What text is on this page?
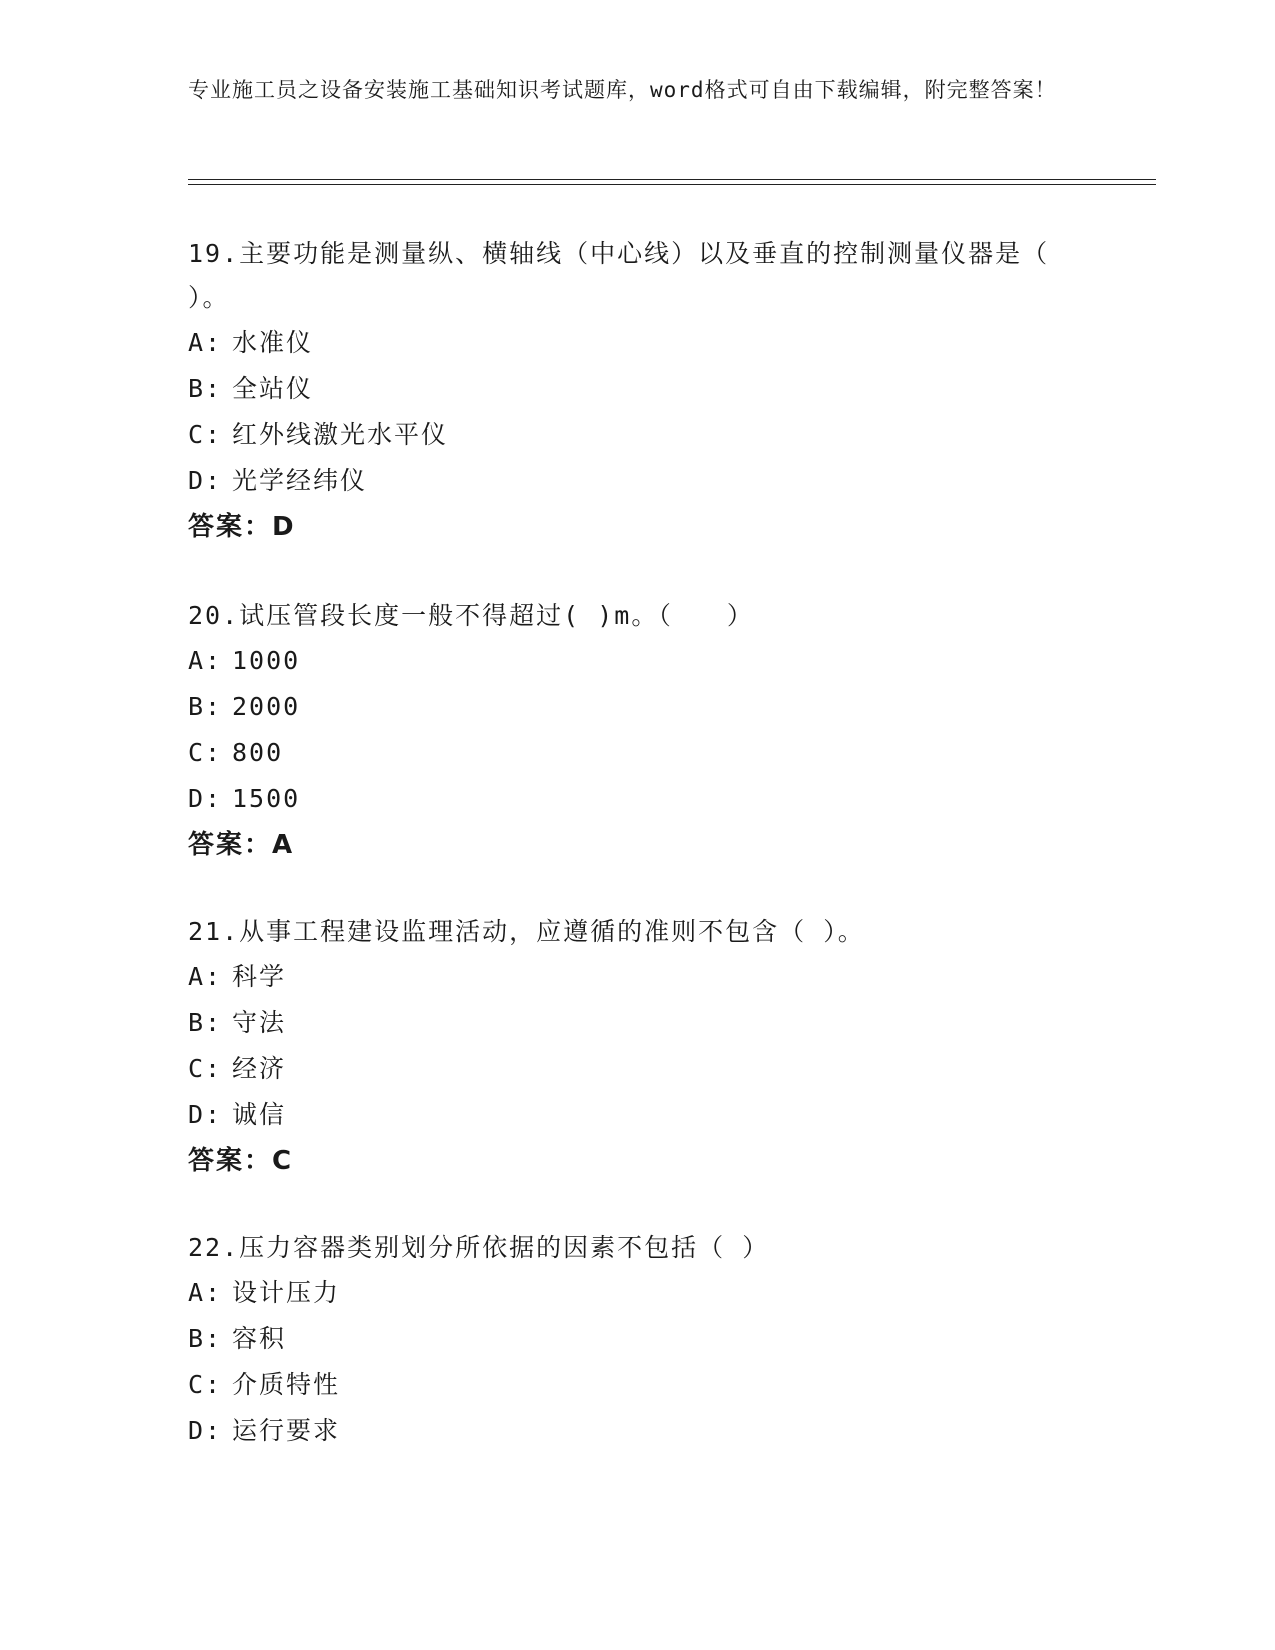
专业施工员之设备安装施工基础知识考试题库，word格式可自由下载编辑，附完整答案！

19.主要功能是测量纵、横轴线（中心线）以及垂直的控制测量仪器是（ ）。

A: 水准仪

B: 全站仪

C: 红外线激光水平仪

D: 光学经纬仪

答案：D

20.试压管段长度一般不得超过( )m。（　　）

A: 1000

B: 2000

C: 800

D: 1500

答案：A

21.从事工程建设监理活动，应遵循的准则不包含（ ）。

A: 科学

B: 守法

C: 经济

D: 诚信

答案：C

22.压力容器类别划分所依据的因素不包括（ ）

A: 设计压力

B: 容积

C: 介质特性

D: 运行要求
